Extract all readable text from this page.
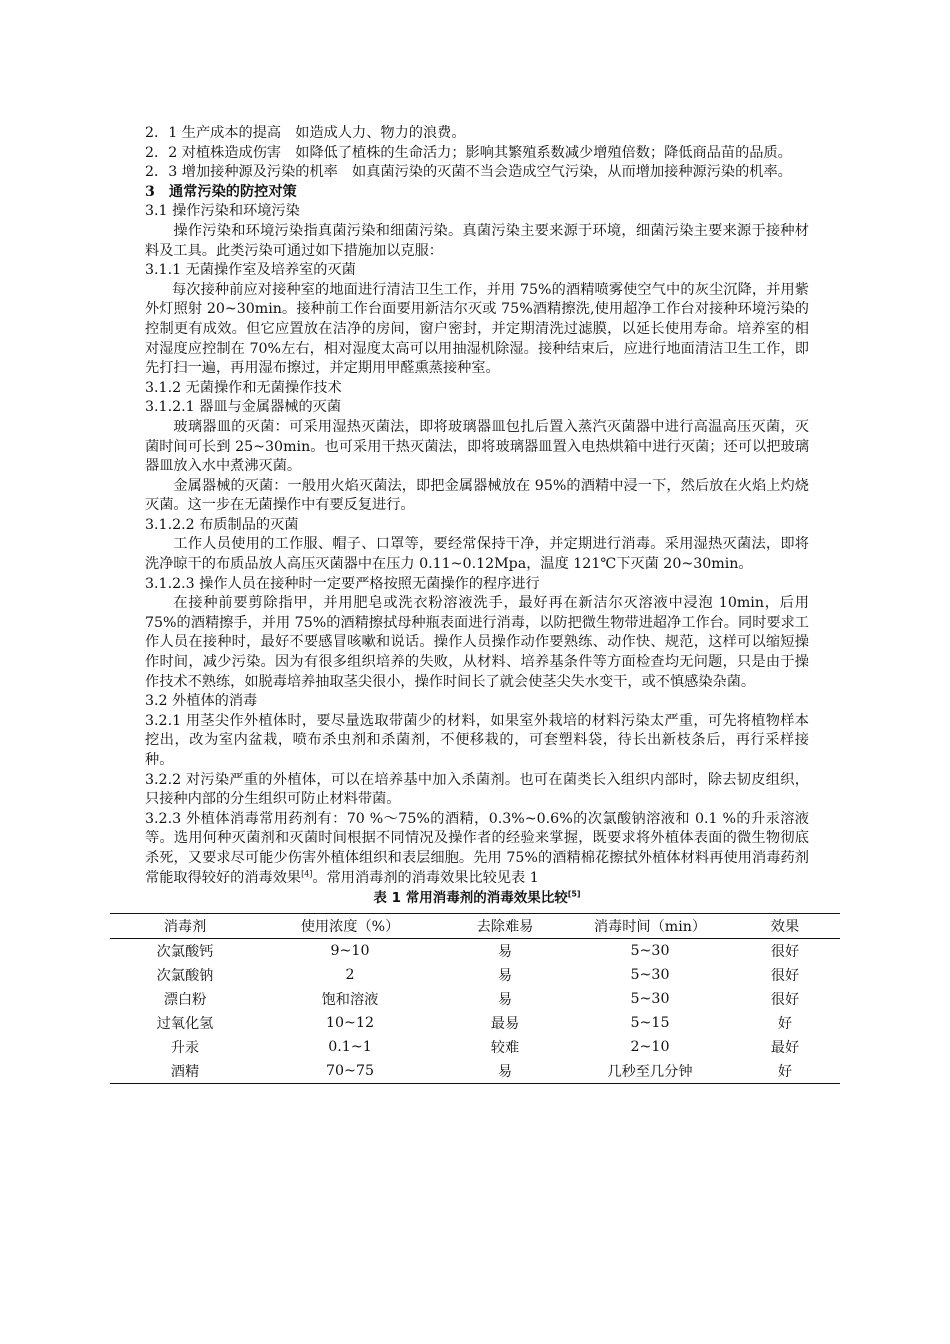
2．1 生产成本的提高　如造成人力、物力的浪费。

2．2 对植株造成伤害　如降低了植株的生命活力；影响其繁殖系数减少增殖倍数；降低商品苗的品质。

2．3 增加接种源及污染的机率　如真菌污染的灭菌不当会造成空气污染，从而增加接种源污染的机率。

3　通常污染的防控对策

3.1 操作污染和环境污染

操作污染和环境污染指真菌污染和细菌污染。真菌污染主要来源于环境，细菌污染主要来源于接种材料及工具。此类污染可通过如下措施加以克服：

3.1.1 无菌操作室及培养室的灭菌

每次接种前应对接种室的地面进行清洁卫生工作，并用 75%的酒精喷雾使空气中的灰尘沉降，并用紫外灯照射 20~30min。接种前工作台面要用新洁尔灭或 75%酒精擦洗,使用超净工作台对接种环境污染的控制更有成效。但它应置放在洁净的房间，窗户密封，并定期清洗过滤膜，以延长使用寿命。培养室的相对湿度应控制在 70%左右，相对湿度太高可以用抽湿机除湿。接种结束后，应进行地面清洁卫生工作，即先打扫一遍，再用湿布擦过，并定期用甲醛熏蒸接种室。

3.1.2 无菌操作和无菌操作技术

3.1.2.1 器皿与金属器械的灭菌

玻璃器皿的灭菌：可采用湿热灭菌法，即将玻璃器皿包扎后置入蒸汽灭菌器中进行高温高压灭菌，灭菌时间可长到 25~30min。也可采用干热灭菌法，即将玻璃器皿置入电热烘箱中进行灭菌；还可以把玻璃器皿放入水中煮沸灭菌。

金属器械的灭菌：一般用火焰灭菌法，即把金属器械放在 95%的酒精中浸一下，然后放在火焰上灼烧灭菌。这一步在无菌操作中有要反复进行。

3.1.2.2 布质制品的灭菌

工作人员使用的工作服、帽子、口罩等，要经常保持干净，并定期进行消毒。采用湿热灭菌法，即将洗净晾干的布质品放人高压灭菌器中在压力 0.11~0.12Mpa，温度 121℃下灭菌 20~30min。

3.1.2.3 操作人员在接种时一定要严格按照无菌操作的程序进行

在接种前要剪除指甲，并用肥皂或洗衣粉溶液洗手，最好再在新洁尔灭溶液中浸泡 10min，后用 75%的酒精擦手，并用 75%的酒精擦拭母种瓶表面进行消毒，以防把微生物带进超净工作台。同时要求工作人员在接种时，最好不要感冒咳嗽和说话。操作人员操作动作要熟练、动作快、规范，这样可以缩短操作时间，减少污染。因为有很多组织培养的失败，从材料、培养基条件等方面检查均无问题，只是由于操作技术不熟练，如脱毒培养抽取茎尖很小，操作时间长了就会使茎尖失水变干，或不慎感染杂菌。

3.2 外植体的消毒

3.2.1 用茎尖作外植体时，要尽量选取带菌少的材料，如果室外栽培的材料污染太严重，可先将植物样本挖出，改为室内盆栽，喷布杀虫剂和杀菌剂，不便移栽的，可套塑料袋，待长出新枝条后，再行采样接种。

3.2.2 对污染严重的外植体，可以在培养基中加入杀菌剂。也可在菌类长入组织内部时，除去韧皮组织，只接种内部的分生组织可防止材料带菌。

3.2.3 外植体消毒常用药剂有：70 %～75%的酒精，0.3%~0.6%的次氯酸钠溶液和 0.1 %的升汞溶液等。选用何种灭菌剂和灭菌时间根据不同情况及操作者的经验来掌握，既要求将外植体表面的微生物彻底杀死，又要求尽可能少伤害外植体组织和表层细胞。先用 75%的酒精棉花擦拭外植体材料再使用消毒药剂常能取得较好的消毒效果[4]。常用消毒剂的消毒效果比较见表 1

表 1 常用消毒剂的消毒效果比较[5]
消毒剂	使用浓度（%）	去除难易	消毒时间（min）	效果
次氯酸钙	9~10	易	5~30	很好
次氯酸钠	2	易	5~30	很好
漂白粉	饱和溶液	易	5~30	很好
过氧化氢	10~12	最易	5~15	好
升汞	0.1~1	较难	2~10	最好
酒精	70~75	易	几秒至几分钟	好
